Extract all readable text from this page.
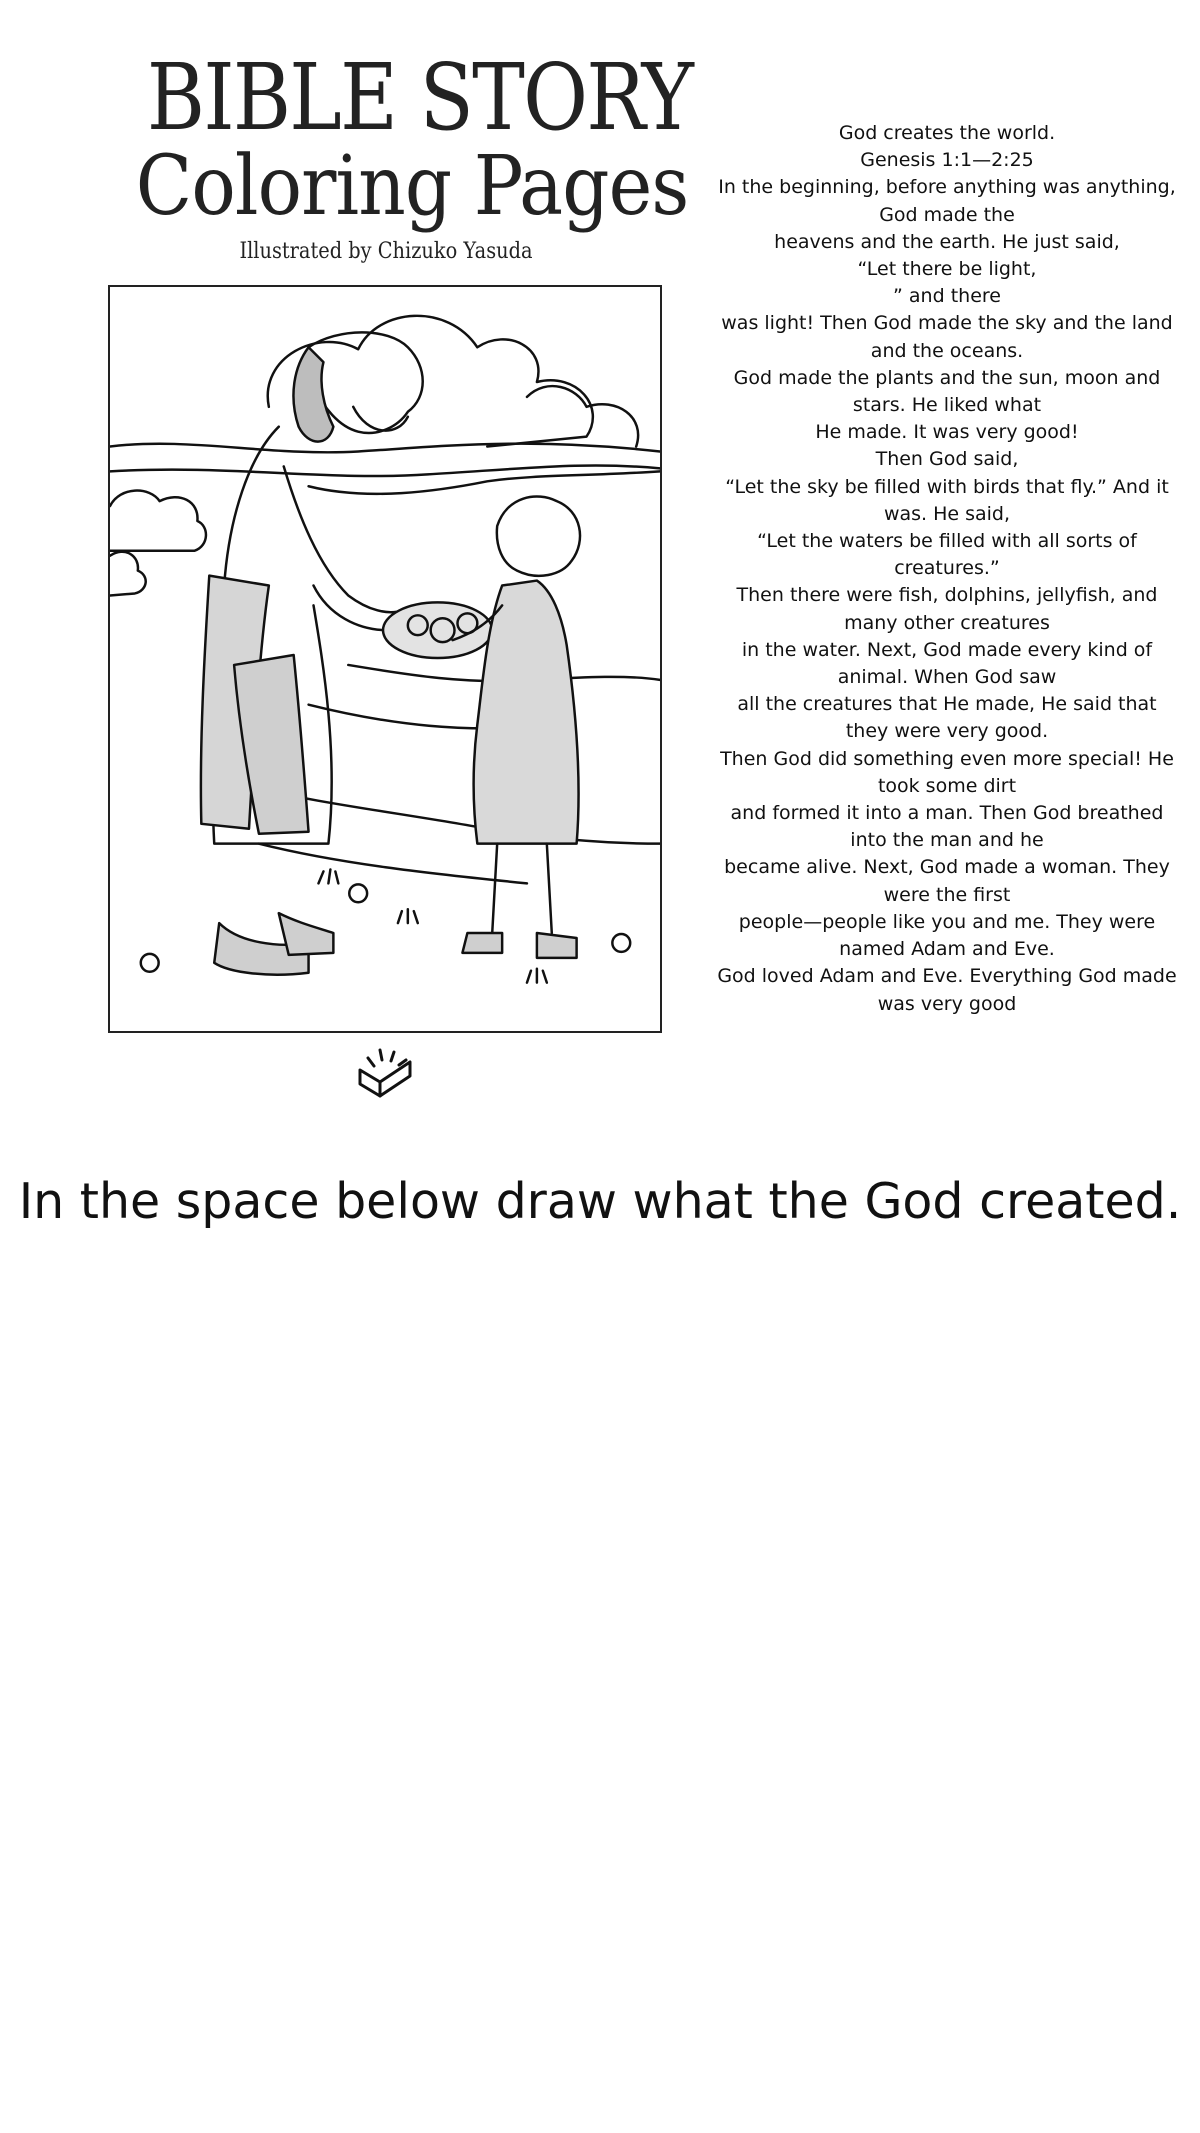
BIBLE STORY
Coloring Pages
Illustrated by Chizuko Yasuda
God creates the world.
Genesis 1:1—2:25
In the beginning, before anything was anything, God made the
heavens and the earth. He just said,
“Let there be light,
” and there
was light! Then God made the sky and the land and the oceans.
God made the plants and the sun, moon and stars. He liked what
He made. It was very good!
Then God said,
“Let the sky be filled with birds that fly.” And it was. He said,
“Let the waters be filled with all sorts of creatures.”
Then there were fish, dolphins, jellyfish, and many other creatures
in the water. Next, God made every kind of animal. When God saw
all the creatures that He made, He said that they were very good.
Then God did something even more special! He took some dirt
and formed it into a man. Then God breathed into the man and he
became alive. Next, God made a woman. They were the first
people—people like you and me. They were named Adam and Eve.
God loved Adam and Eve. Everything God made was very good
In the space below draw what the God created.
